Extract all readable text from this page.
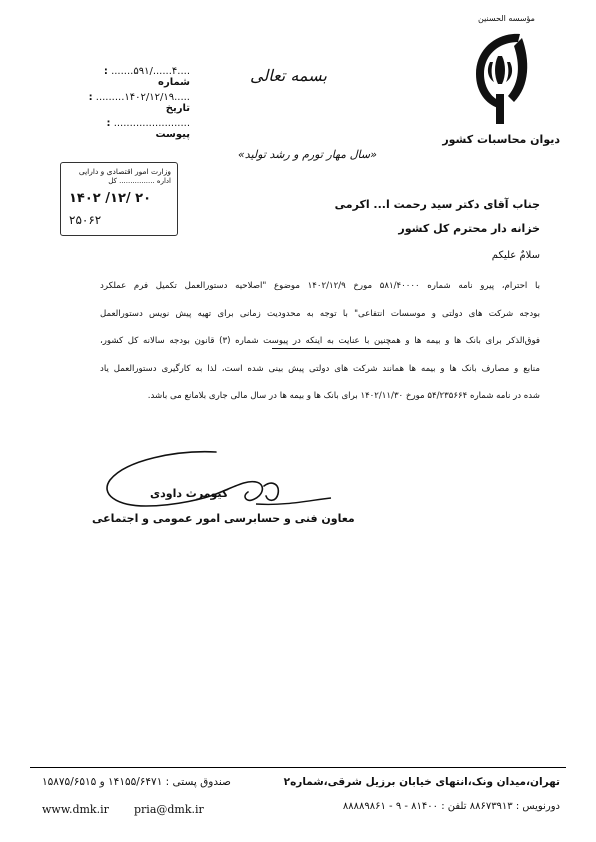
....۴....../۵۹۱....... : شماره
.....۱۴۰۲/۱۲/۱۹......... : تاریخ
........................ : پیوست
بسمه تعالی
مؤسسه الحسنین
دیوان محاسبات کشور
«سال مهار تورم و رشد تولید»
وزارت امور اقتصادی و دارایی
اداره ................ کل
۱۴۰۲ /۱۲/ ۲۰
۲۵۰۶۲
جناب آقای دکتر سید رحمت ا... اکرمی
خزانه دار محترم کل کشور
سلامٌ علیکم
با احترام، پیرو نامه شماره ۵۸۱/۴۰۰۰۰ مورخ ۱۴۰۲/۱۲/۹ موضوع "اصلاحیه دستورالعمل تکمیل فرم عملکرد
بودجه شرکت های دولتی و موسسات انتفاعی" با توجه به محدودیت زمانی برای تهیه پیش نویس دستورالعمل
فوق‌الذکر برای بانک ها و بیمه ها و همچنین با عنایت به اینکه در پیوست شماره (۳) قانون بودجه سالانه کل کشور،
منابع و مصارف بانک ها و بیمه ها همانند شرکت های دولتی پیش بینی شده است، لذا به کارگیری دستورالعمل یاد
شده در نامه شماره ۵۴/۲۳۵۶۶۴ مورخ ۱۴۰۲/۱۱/۳۰ برای بانک ها و بیمه ها در سال مالی جاری بلامانع می باشد.
کیومرث داودی
معاون فنی و حسابرسی امور عمومی و اجتماعی
تهران،میدان ونک،انتهای خیابان برزیل شرقی،شماره۲
صندوق پستی : ۱۴۱۵۵/۶۴۷۱ و ۱۵۸۷۵/۶۵۱۵
دورنویس : ۸۸۶۷۳۹۱۳ تلفن : ۸۱۴۰۰ - ۹ - ۸۸۸۸۹۸۶۱
www.dmk.ir pria@dmk.ir
